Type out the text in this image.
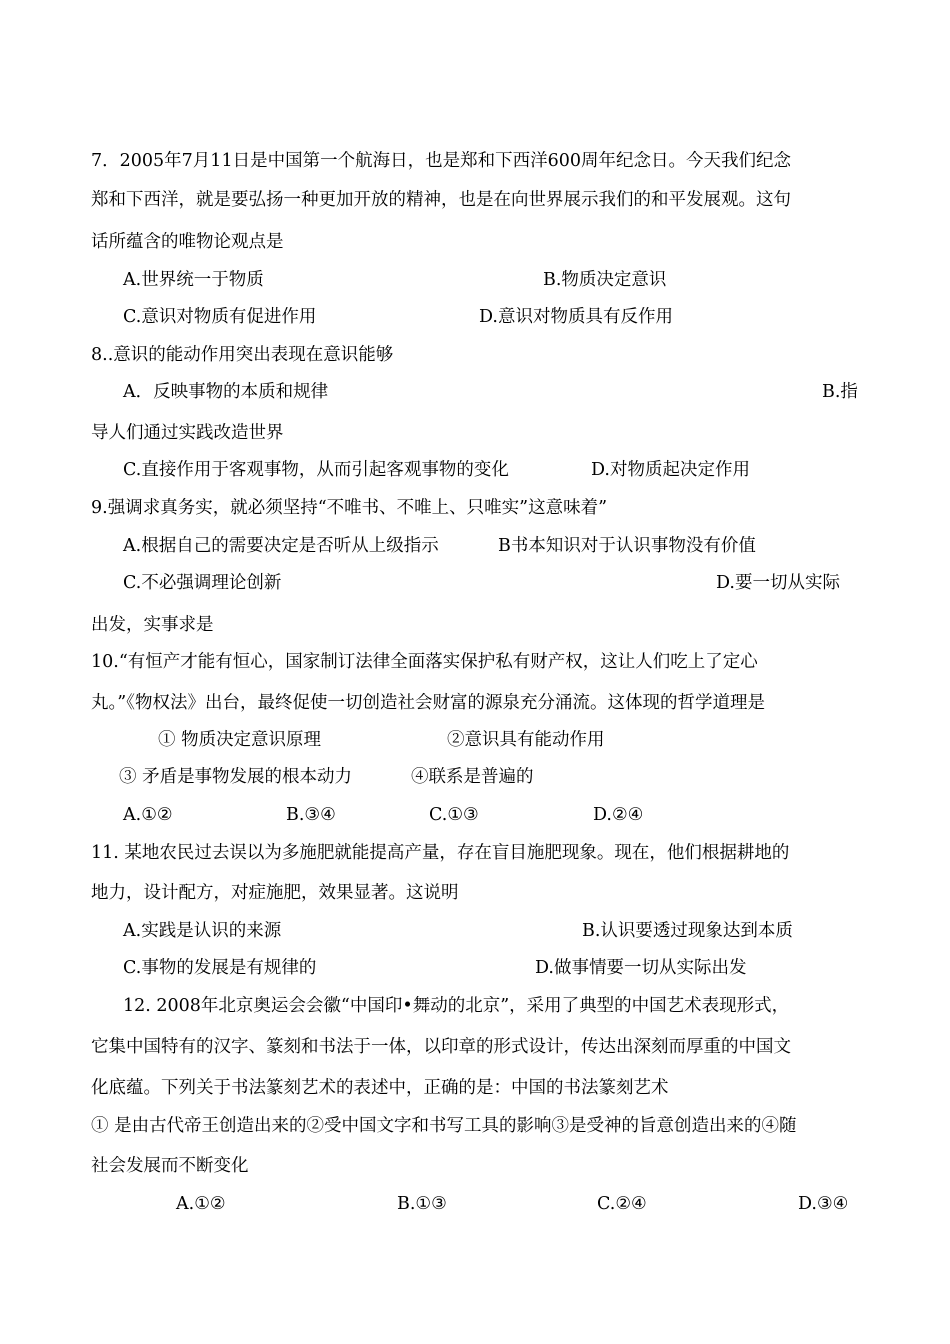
7．2005年7月11日是中国第一个航海日，也是郑和下西洋600周年纪念日。今天我们纪念
郑和下西洋，就是要弘扬一种更加开放的精神，也是在向世界展示我们的和平发展观。这句
话所蕴含的唯物论观点是
A.世界统一于物质	B.物质决定意识
C.意识对物质有促进作用	D.意识对物质具有反作用
8..意识的能动作用突出表现在意识能够
A．反映事物的本质和规律	B.指
导人们通过实践改造世界
C.直接作用于客观事物，从而引起客观事物的变化	D.对物质起决定作用
9.强调求真务实，就必须坚持“不唯书、不唯上、只唯实”这意味着”
A.根据自己的需要决定是否听从上级指示	B书本知识对于认识事物没有价值
C.不必强调理论创新	D.要一切从实际
出发，实事求是
10.“有恒产才能有恒心，国家制订法律全面落实保护私有财产权，这让人们吃上了定心
丸。”《物权法》出台，最终促使一切创造社会财富的源泉充分涌流。这体现的哲学道理是
① 物质决定意识原理	②意识具有能动作用
③ 矛盾是事物发展的根本动力	④联系是普遍的
A.①②	B.③④	C.①③	D.②④
11. 某地农民过去误以为多施肥就能提高产量，存在盲目施肥现象。现在，他们根据耕地的
地力，设计配方，对症施肥，效果显著。这说明
A.实践是认识的来源	B.认识要透过现象达到本质
C.事物的发展是有规律的	D.做事情要一切从实际出发
12. 2008年北京奥运会会徽“中国印•舞动的北京”，采用了典型的中国艺术表现形式，
它集中国特有的汉字、篆刻和书法于一体，以印章的形式设计，传达出深刻而厚重的中国文
化底蕴。下列关于书法篆刻艺术的表述中，正确的是：中国的书法篆刻艺术
① 是由古代帝王创造出来的②受中国文字和书写工具的影响③是受神的旨意创造出来的④随
社会发展而不断变化
A.①②	B.①③	C.②④	D.③④
